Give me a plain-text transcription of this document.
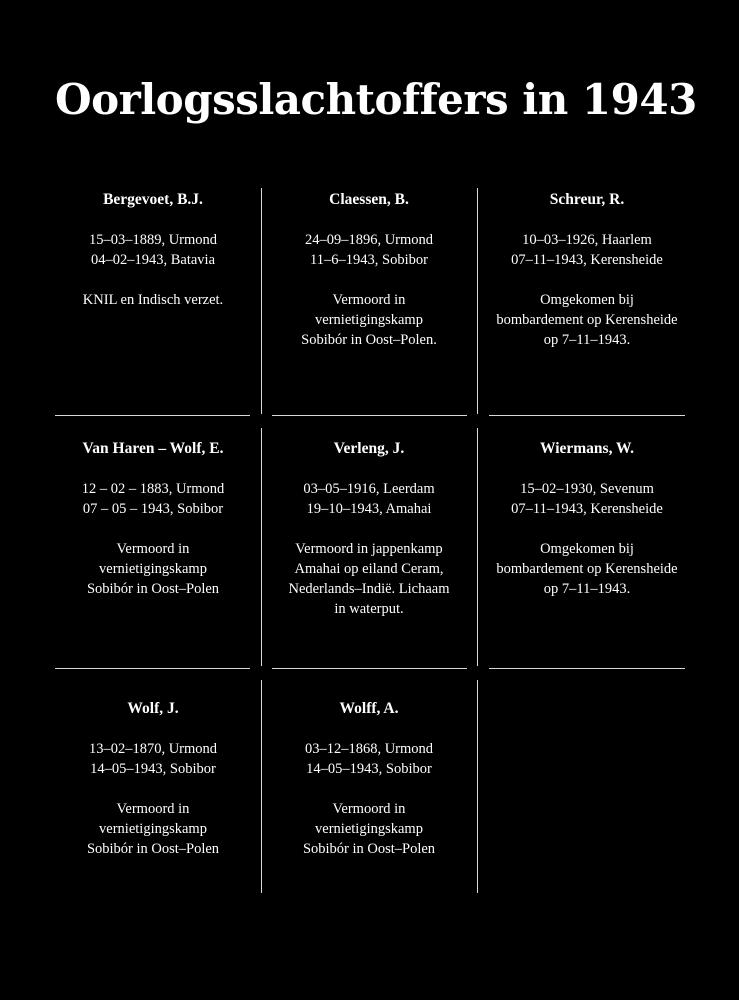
Oorlogsslachtoffers in 1943
Bergevoet, B.J.
15–03–1889, Urmond
04–02–1943, Batavia
KNIL en Indisch verzet.
Claessen, B.
24–09–1896, Urmond
11–6–1943, Sobibor
Vermoord in vernietigingskamp Sobibór in Oost–Polen.
Schreur, R.
10–03–1926, Haarlem
07–11–1943, Kerensheide
Omgekomen bij bombardement op Kerensheide op 7–11–1943.
Van Haren – Wolf, E.
12 – 02 – 1883, Urmond
07 – 05 – 1943, Sobibor
Vermoord in vernietigingskamp Sobibór in Oost–Polen
Verleng, J.
03–05–1916, Leerdam
19–10–1943, Amahai
Vermoord in jappenkamp Amahai op eiland Ceram, Nederlands–Indië. Lichaam in waterput.
Wiermans, W.
15–02–1930, Sevenum
07–11–1943, Kerensheide
Omgekomen bij bombardement op Kerensheide op 7–11–1943.
Wolf, J.
13–02–1870, Urmond
14–05–1943, Sobibor
Vermoord in vernietigingskamp Sobibór in Oost–Polen
Wolff, A.
03–12–1868, Urmond
14–05–1943, Sobibor
Vermoord in vernietigingskamp Sobibór in Oost–Polen
